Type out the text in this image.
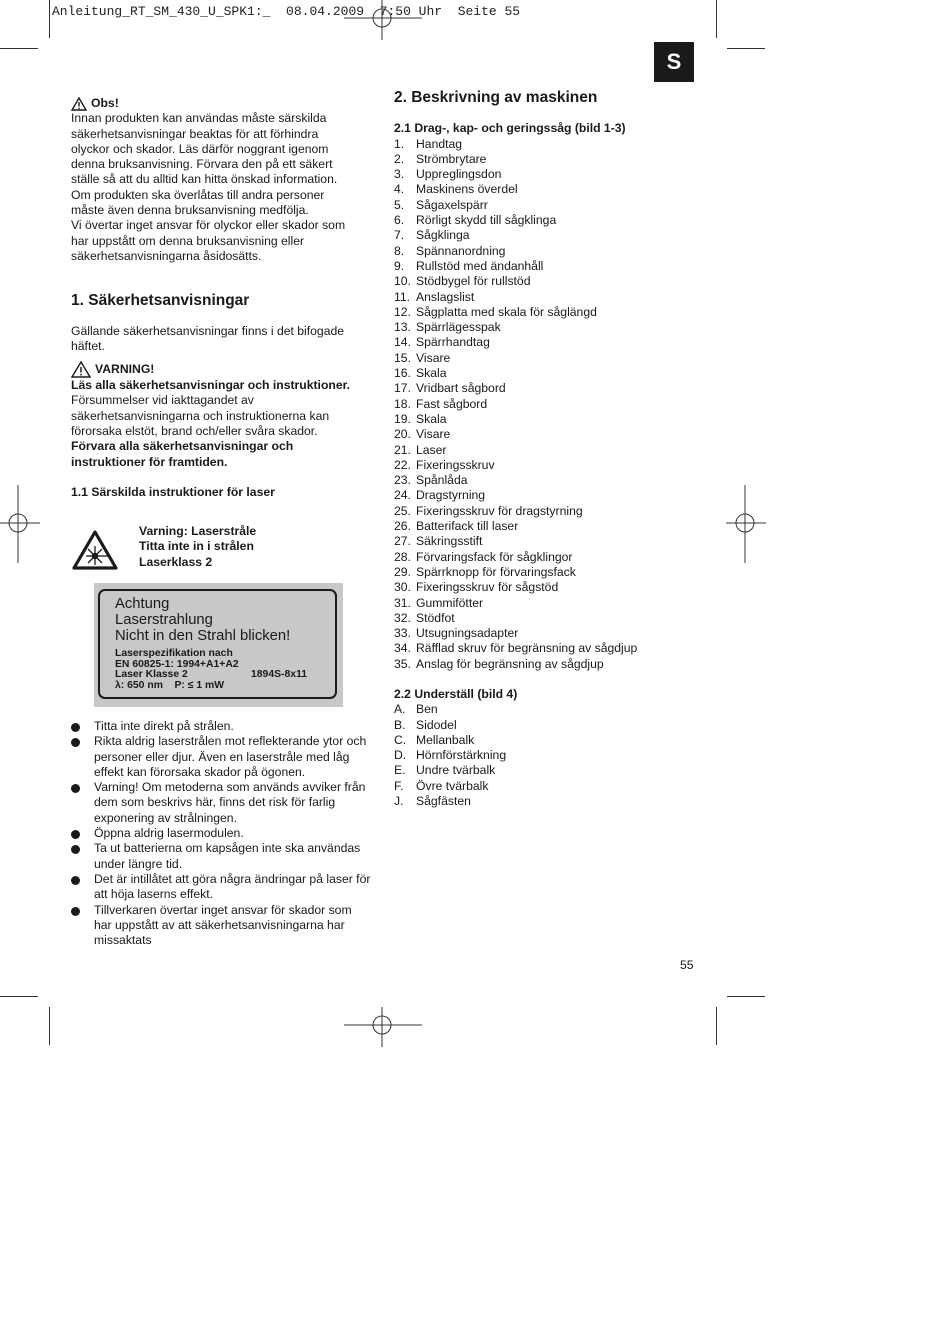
Anleitung_RT_SM_430_U_SPK1:_ 08.04.2009 7:50 Uhr Seite 55
S
Obs!
Innan produkten kan användas måste särskilda
säkerhetsanvisningar beaktas för att förhindra
olyckor och skador. Läs därför noggrant igenom
denna bruksanvisning. Förvara den på ett säkert
ställe så att du alltid kan hitta önskad information.
Om produkten ska överlåtas till andra personer
måste även denna bruksanvisning medfölja.
Vi övertar inget ansvar för olyckor eller skador som
har uppstått om denna bruksanvisning eller
säkerhetsanvisningarna åsidosätts.
1. Säkerhetsanvisningar
Gällande säkerhetsanvisningar finns i det bifogade
häftet.
VARNING!
Läs alla säkerhetsanvisningar och instruktioner.
Försummelser vid iakttagandet av
säkerhetsanvisningarna och instruktionerna kan
förorsaka elstöt, brand och/eller svåra skador.
Förvara alla säkerhetsanvisningar och
instruktioner för framtiden.
1.1 Särskilda instruktioner för laser
Varning: Laserstråle
Titta inte in i strålen
Laserklass 2
Achtung
Laserstrahlung
Nicht in den Strahl blicken!
Laserspezifikation nach
EN 60825-1: 1994+A1+A2
Laser Klasse 2	1894S-8x11
λ: 650 nm    P: ≤ 1 mW
Titta inte direkt på strålen.
Rikta aldrig laserstrålen mot reflekterande ytor och personer eller djur. Även en laserstråle med låg effekt kan förorsaka skador på ögonen.
Varning! Om metoderna som används avviker från dem som beskrivs här, finns det risk för farlig exponering av strålningen.
Öppna aldrig lasermodulen.
Ta ut batterierna om kapsågen inte ska användas under längre tid.
Det är intillåtet att göra några ändringar på laser för att höja laserns effekt.
Tillverkaren övertar inget ansvar för skador som har uppstått av att säkerhetsanvisningarna har missaktats
2. Beskrivning av maskinen
2.1 Drag-, kap- och geringssåg (bild 1-3)
1. Handtag
2. Strömbrytare
3. Uppreglingsdon
4. Maskinens överdel
5. Sågaxelspärr
6. Rörligt skydd till sågklinga
7. Sågklinga
8. Spännanordning
9. Rullstöd med ändanhåll
10. Stödbygel för rullstöd
11. Anslagslist
12. Sågplatta med skala för såglängd
13. Spärrlägesspak
14. Spärrhandtag
15. Visare
16. Skala
17. Vridbart sågbord
18. Fast sågbord
19. Skala
20. Visare
21. Laser
22. Fixeringsskruv
23. Spånlåda
24. Dragstyrning
25. Fixeringsskruv för dragstyrning
26. Batterifack till laser
27. Säkringsstift
28. Förvaringsfack för sågklingor
29. Spärrknopp för förvaringsfack
30. Fixeringsskruv för sågstöd
31. Gummifötter
32. Stödfot
33. Utsugningsadapter
34. Räfflad skruv för begränsning av sågdjup
35. Anslag för begränsning av sågdjup
2.2 Underställ (bild 4)
A. Ben
B. Sidodel
C. Mellanbalk
D. Hörnförstärkning
E. Undre tvärbalk
F.	Övre tvärbalk
J.	Sågfästen
55
